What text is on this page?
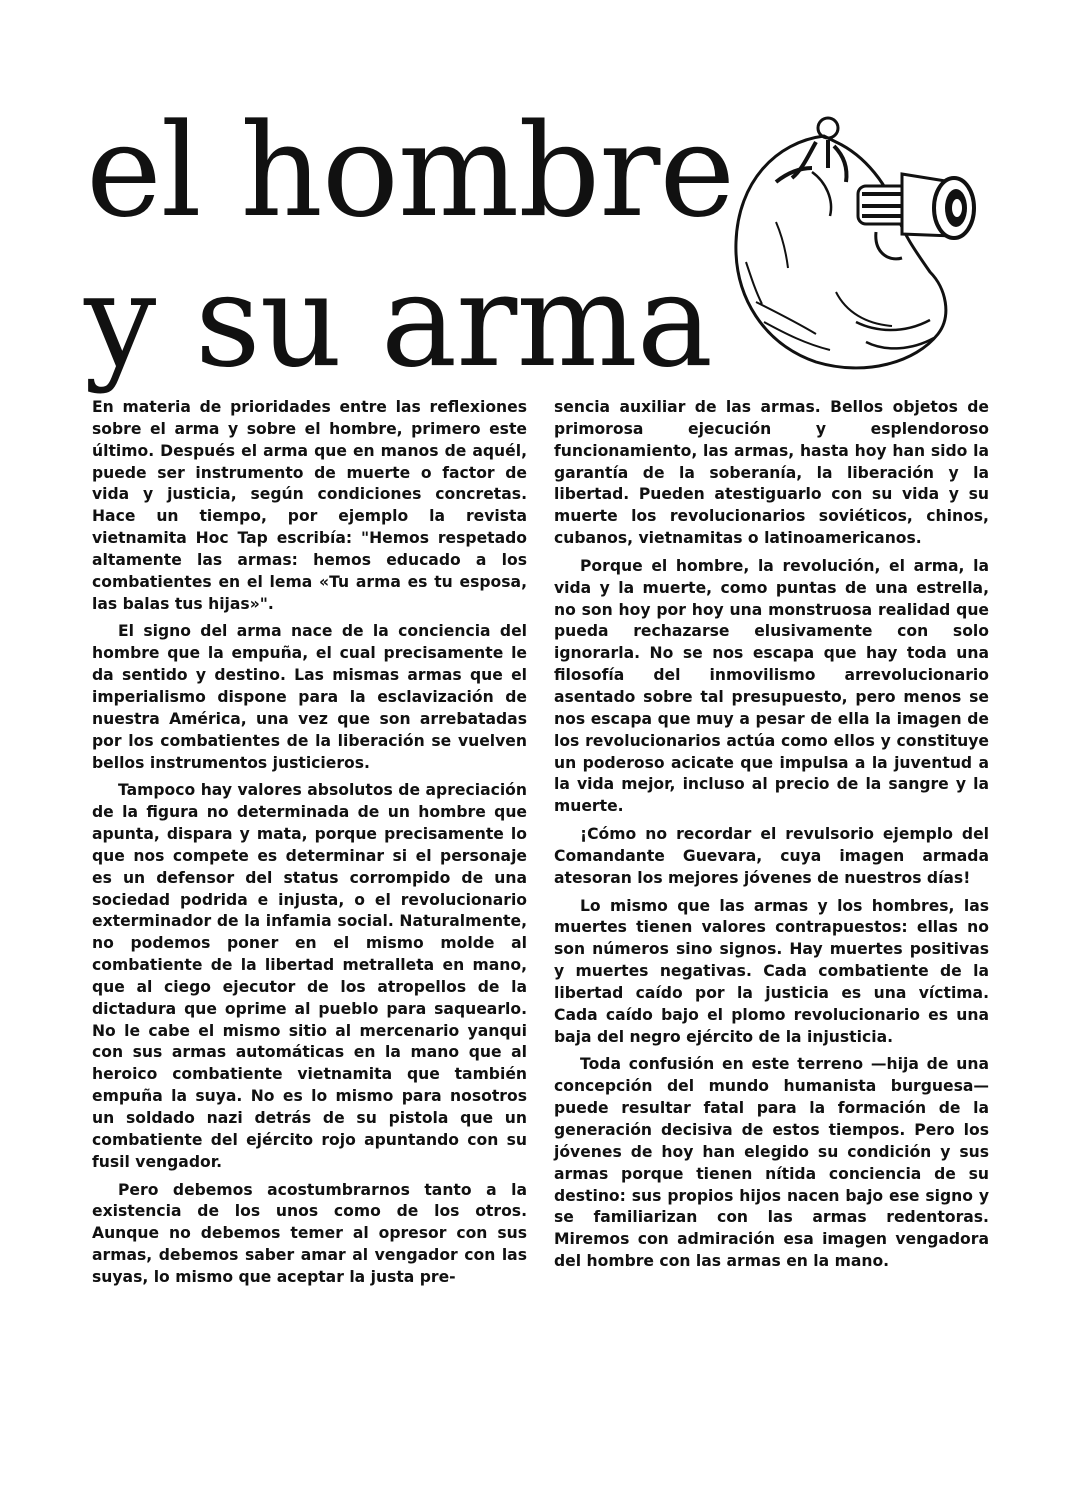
el hombre
y su arma

En materia de prioridades entre las reflexiones sobre el arma y sobre el hombre, primero este último. Después el arma que en manos de aquél, puede ser instrumento de muerte o factor de vida y justicia, según condiciones concretas. Hace un tiempo, por ejemplo la revista vietnamita Hoc Tap escribía: "Hemos respetado altamente las armas: hemos educado a los combatientes en el lema «Tu arma es tu esposa, las balas tus hijas»".

El signo del arma nace de la conciencia del hombre que la empuña, el cual precisamente le da sentido y destino. Las mismas armas que el imperialismo dispone para la esclavización de nuestra América, una vez que son arrebatadas por los combatientes de la liberación se vuelven bellos instrumentos justicieros.

Tampoco hay valores absolutos de apreciación de la figura no determinada de un hombre que apunta, dispara y mata, porque precisamente lo que nos compete es determinar si el personaje es un defensor del status corrompido de una sociedad podrida e injusta, o el revolucionario exterminador de la infamia social. Naturalmente, no podemos poner en el mismo molde al combatiente de la libertad metralleta en mano, que al ciego ejecutor de los atropellos de la dictadura que oprime al pueblo para saquearlo. No le cabe el mismo sitio al mercenario yanqui con sus armas automáticas en la mano que al heroico combatiente vietnamita que también empuña la suya. No es lo mismo para nosotros un soldado nazi detrás de su pistola que un combatiente del ejército rojo apuntando con su fusil vengador.

Pero debemos acostumbrarnos tanto a la existencia de los unos como de los otros. Aunque no debemos temer al opresor con sus armas, debemos saber amar al vengador con las suyas, lo mismo que aceptar la justa pre-

sencia auxiliar de las armas. Bellos objetos de primorosa ejecución y esplendoroso funcionamiento, las armas, hasta hoy han sido la garantía de la soberanía, la liberación y la libertad. Pueden atestiguarlo con su vida y su muerte los revolucionarios soviéticos, chinos, cubanos, vietnamitas o latinoamericanos.

Porque el hombre, la revolución, el arma, la vida y la muerte, como puntas de una estrella, no son hoy por hoy una monstruosa realidad que pueda rechazarse elusivamente con solo ignorarla. No se nos escapa que hay toda una filosofía del inmovilismo arrevolucionario asentado sobre tal presupuesto, pero menos se nos escapa que muy a pesar de ella la imagen de los revolucionarios actúa como ellos y constituye un poderoso acicate que impulsa a la juventud a la vida mejor, incluso al precio de la sangre y la muerte.

¡Cómo no recordar el revulsorio ejemplo del Comandante Guevara, cuya imagen armada atesoran los mejores jóvenes de nuestros días!

Lo mismo que las armas y los hombres, las muertes tienen valores contrapuestos: ellas no son números sino signos. Hay muertes positivas y muertes negativas. Cada combatiente de la libertad caído por la justicia es una víctima. Cada caído bajo el plomo revolucionario es una baja del negro ejército de la injusticia.

Toda confusión en este terreno —hija de una concepción del mundo humanista burguesa— puede resultar fatal para la formación de la generación decisiva de estos tiempos. Pero los jóvenes de hoy han elegido su condición y sus armas porque tienen nítida conciencia de su destino: sus propios hijos nacen bajo ese signo y se familiarizan con las armas redentoras. Miremos con admiración esa imagen vengadora del hombre con las armas en la mano.
